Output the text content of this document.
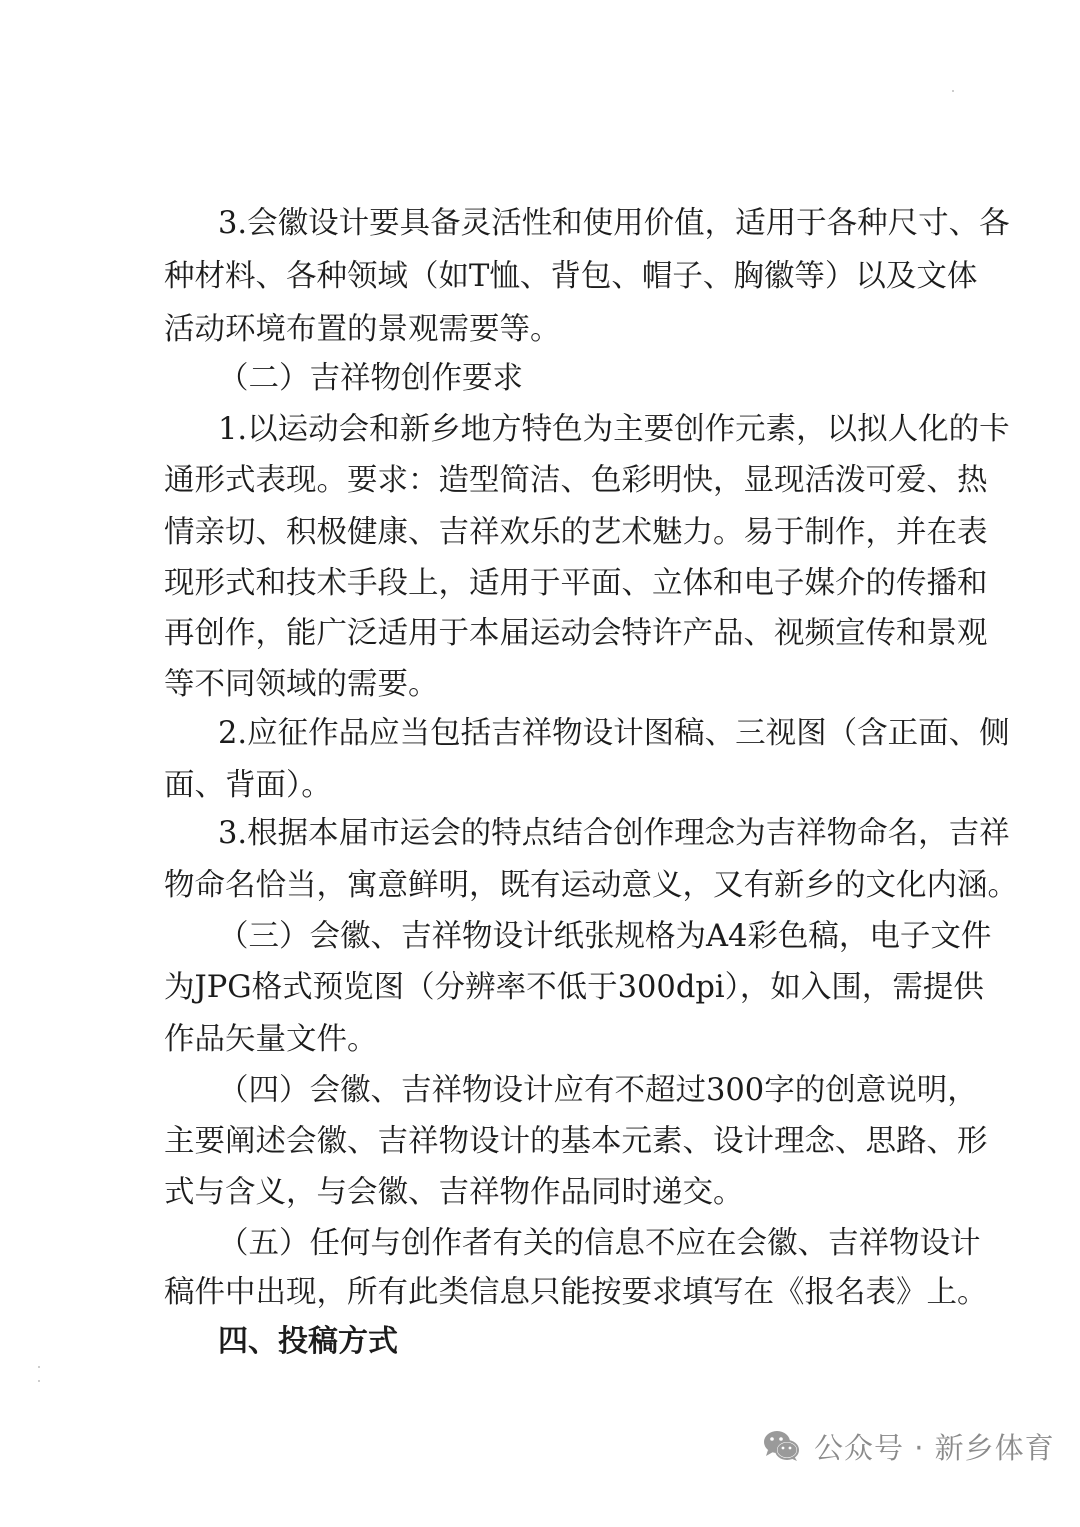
3.会徽设计要具备灵活性和使用价值，适用于各种尺寸、各
种材料、各种领域（如T恤、背包、帽子、胸徽等）以及文体
活动环境布置的景观需要等。
（二）吉祥物创作要求
1.以运动会和新乡地方特色为主要创作元素，以拟人化的卡
通形式表现。要求：造型简洁、色彩明快，显现活泼可爱、热
情亲切、积极健康、吉祥欢乐的艺术魅力。易于制作，并在表
现形式和技术手段上，适用于平面、立体和电子媒介的传播和
再创作，能广泛适用于本届运动会特许产品、视频宣传和景观
等不同领域的需要。
2.应征作品应当包括吉祥物设计图稿、三视图（含正面、侧
面、背面）。
3.根据本届市运会的特点结合创作理念为吉祥物命名，吉祥
物命名恰当，寓意鲜明，既有运动意义，又有新乡的文化内涵。
（三）会徽、吉祥物设计纸张规格为A4彩色稿，电子文件
为JPG格式预览图（分辨率不低于300dpi），如入围，需提供
作品矢量文件。
（四）会徽、吉祥物设计应有不超过300字的创意说明，
主要阐述会徽、吉祥物设计的基本元素、设计理念、思路、形
式与含义，与会徽、吉祥物作品同时递交。
（五）任何与创作者有关的信息不应在会徽、吉祥物设计
稿件中出现，所有此类信息只能按要求填写在《报名表》上。
四、投稿方式
公众号 · 新乡体育
